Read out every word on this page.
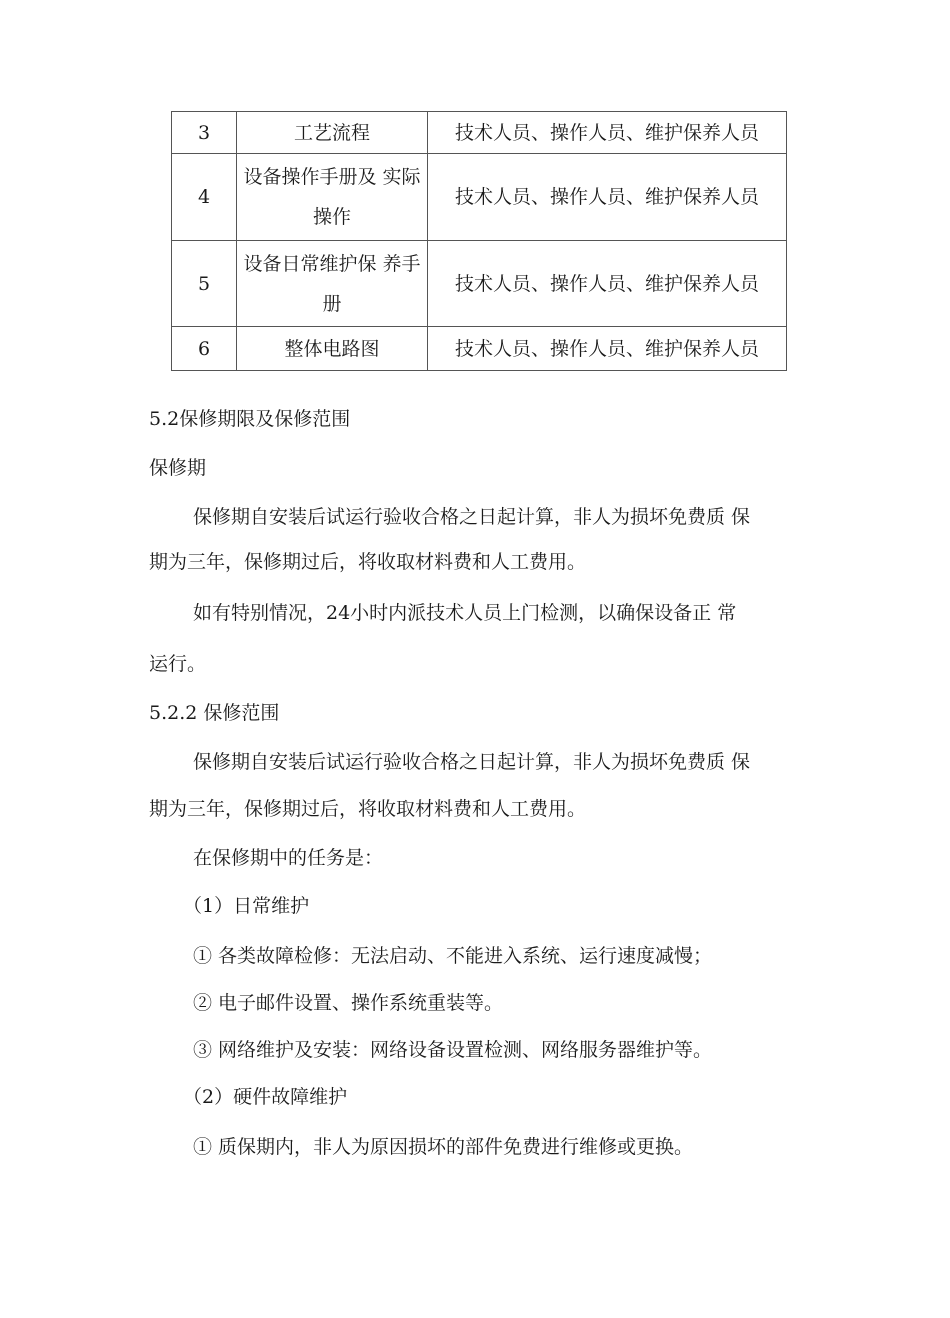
3	工艺流程	技术人员、操作人员、维护保养人员
4	设备操作手册及 实际操作	技术人员、操作人员、维护保养人员
5	设备日常维护保 养手册	技术人员、操作人员、维护保养人员
6	整体电路图	技术人员、操作人员、维护保养人员
5.2保修期限及保修范围
保修期
保修期自安装后试运行验收合格之日起计算，非人为损坏免费质 保
期为三年，保修期过后，将收取材料费和人工费用。
如有特别情况，24小时内派技术人员上门检测，以确保设备正 常
运行。
5.2.2 保修范围
保修期自安装后试运行验收合格之日起计算，非人为损坏免费质 保
期为三年，保修期过后，将收取材料费和人工费用。
在保修期中的任务是：
（1）日常维护
① 各类故障检修：无法启动、不能进入系统、运行速度减慢；
② 电子邮件设置、操作系统重装等。
③ 网络维护及安装：网络设备设置检测、网络服务器维护等。
（2）硬件故障维护
① 质保期内，非人为原因损坏的部件免费进行维修或更换。
